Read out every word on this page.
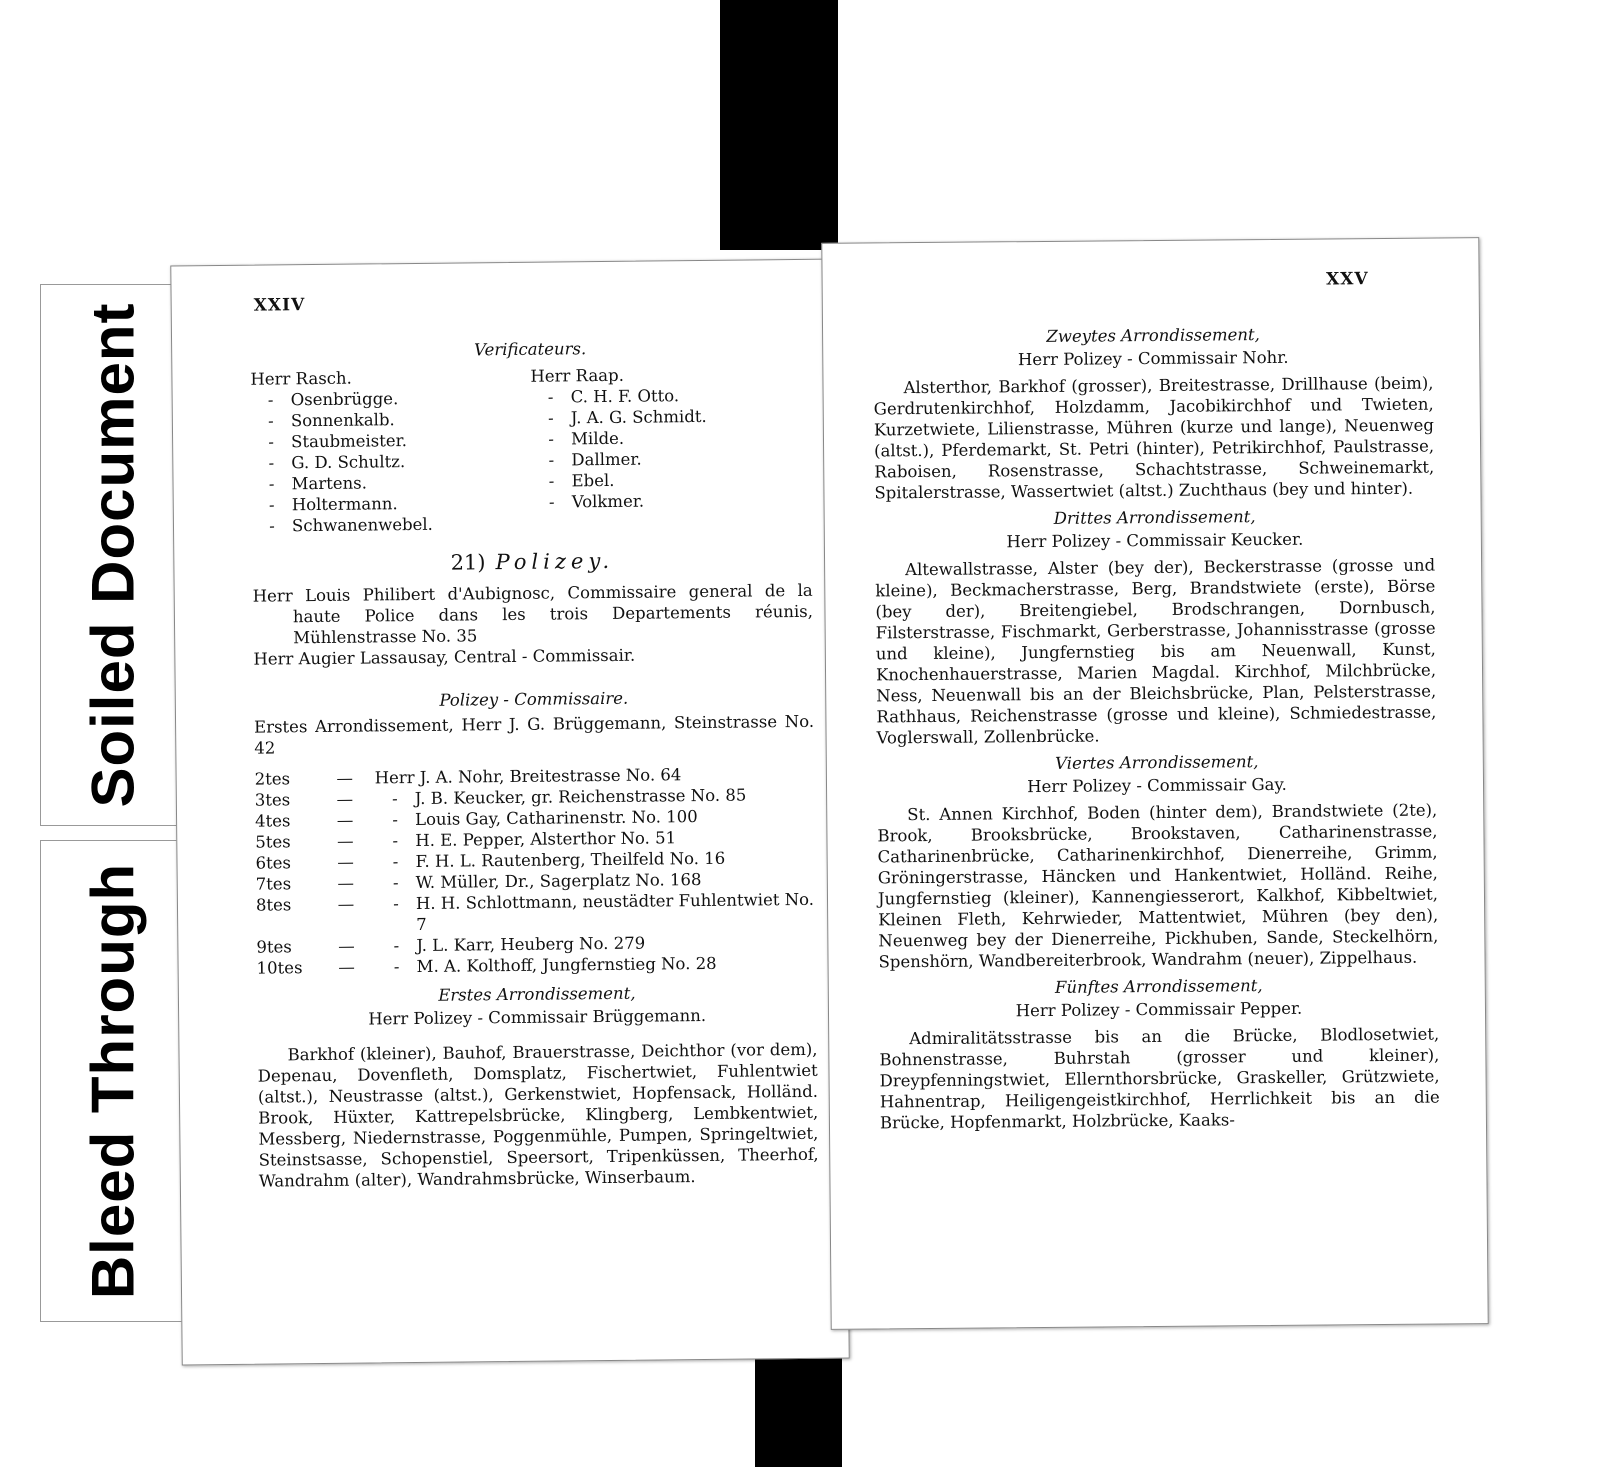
Soiled Document
Bleed Through
XXIV
Verificateurs.
Herr Rasch.
-	Osenbrügge.
-	Sonnenkalb.
-	Staubmeister.
-	G. D. Schultz.
-	Martens.
-	Holtermann.
-	Schwanenwebel.
Herr Raap.
-	C. H. F. Otto.
-	J. A. G. Schmidt.
-	Milde.
-	Dallmer.
-	Ebel.
-	Volkmer.
21) Polizey.

Herr Louis Philibert d'Aubignosc, Commissaire general de la haute Police dans les trois Departements réunis, Mühlenstrasse No. 35

Herr Augier Lassausay, Central - Commissair.

Polizey - Commissaire.

Erstes Arrondissement, Herr J. G. Brüggemann, Steinstrasse No. 42

2tes	—	Herr J. A. Nohr, Breitestrasse No. 64
3tes	—	-	J. B. Keucker, gr. Reichenstrasse No. 85
4tes	—	-	Louis Gay, Catharinenstr. No. 100
5tes	—	-	H. E. Pepper, Alsterthor No. 51
6tes	—	-	F. H. L. Rautenberg, Theilfeld No. 16
7tes	—	-	W. Müller, Dr., Sagerplatz No. 168
8tes	—	-	H. H. Schlottmann, neustädter Fuhlentwiet No. 7
9tes	—	-	J. L. Karr, Heuberg No. 279
10tes	—	-	M. A. Kolthoff, Jungfernstieg No. 28
Erstes Arrondissement,
Herr Polizey - Commissair Brüggemann.

Barkhof (kleiner), Bauhof, Brauerstrasse, Deichthor (vor dem), Depenau, Dovenfleth, Domsplatz, Fischertwiet, Fuhlentwiet (altst.), Neustrasse (altst.), Gerkenstwiet, Hopfensack, Holländ. Brook, Hüxter, Kattrepelsbrücke, Klingberg, Lembkentwiet, Messberg, Niedernstrasse, Poggenmühle, Pumpen, Springeltwiet, Steinstsasse, Schopenstiel, Speersort, Tripenküssen, Theerhof, Wandrahm (alter), Wandrahmsbrücke, Winserbaum.

XXV
Zweytes Arrondissement,
Herr Polizey - Commissair Nohr.

Alsterthor, Barkhof (grosser), Breitestrasse, Drillhause (beim), Gerdrutenkirchhof, Holzdamm, Jacobikirchhof und Twieten, Kurzetwiete, Lilienstrasse, Mühren (kurze und lange), Neuenweg (altst.), Pferdemarkt, St. Petri (hinter), Petrikirchhof, Paulstrasse, Raboisen, Rosenstrasse, Schachtstrasse, Schweinemarkt, Spitalerstrasse, Wassertwiet (altst.) Zuchthaus (bey und hinter).

Drittes Arrondissement,
Herr Polizey - Commissair Keucker.

Altewallstrasse, Alster (bey der), Beckerstrasse (grosse und kleine), Beckmacherstrasse, Berg, Brandstwiete (erste), Börse (bey der), Breitengiebel, Brodschrangen, Dornbusch, Filsterstrasse, Fischmarkt, Gerberstrasse, Johannisstrasse (grosse und kleine), Jungfernstieg bis am Neuenwall, Kunst, Knochenhauerstrasse, Marien Magdal. Kirchhof, Milchbrücke, Ness, Neuenwall bis an der Bleichsbrücke, Plan, Pelsterstrasse, Rathhaus, Reichenstrasse (grosse und kleine), Schmiedestrasse, Voglerswall, Zollenbrücke.

Viertes Arrondissement,
Herr Polizey - Commissair Gay.

St. Annen Kirchhof, Boden (hinter dem), Brandstwiete (2te), Brook, Brooksbrücke, Brookstaven, Catharinenstrasse, Catharinenbrücke, Catharinenkirchhof, Dienerreihe, Grimm, Gröningerstrasse, Häncken und Hankentwiet, Holländ. Reihe, Jungfernstieg (kleiner), Kannengiesserort, Kalkhof, Kibbeltwiet, Kleinen Fleth, Kehrwieder, Mattentwiet, Mühren (bey den), Neuenweg bey der Dienerreihe, Pickhuben, Sande, Steckelhörn, Spenshörn, Wandbereiterbrook, Wandrahm (neuer), Zippelhaus.

Fünftes Arrondissement,
Herr Polizey - Commissair Pepper.

Admiralitätsstrasse bis an die Brücke, Blodlosetwiet, Bohnenstrasse, Buhrstah (grosser und kleiner), Dreypfenningstwiet, Ellernthorsbrücke, Graskeller, Grützwiete, Hahnentrap, Heiligengeistkirchhof, Herrlichkeit bis an die Brücke, Hopfenmarkt, Holzbrücke, Kaaks-
